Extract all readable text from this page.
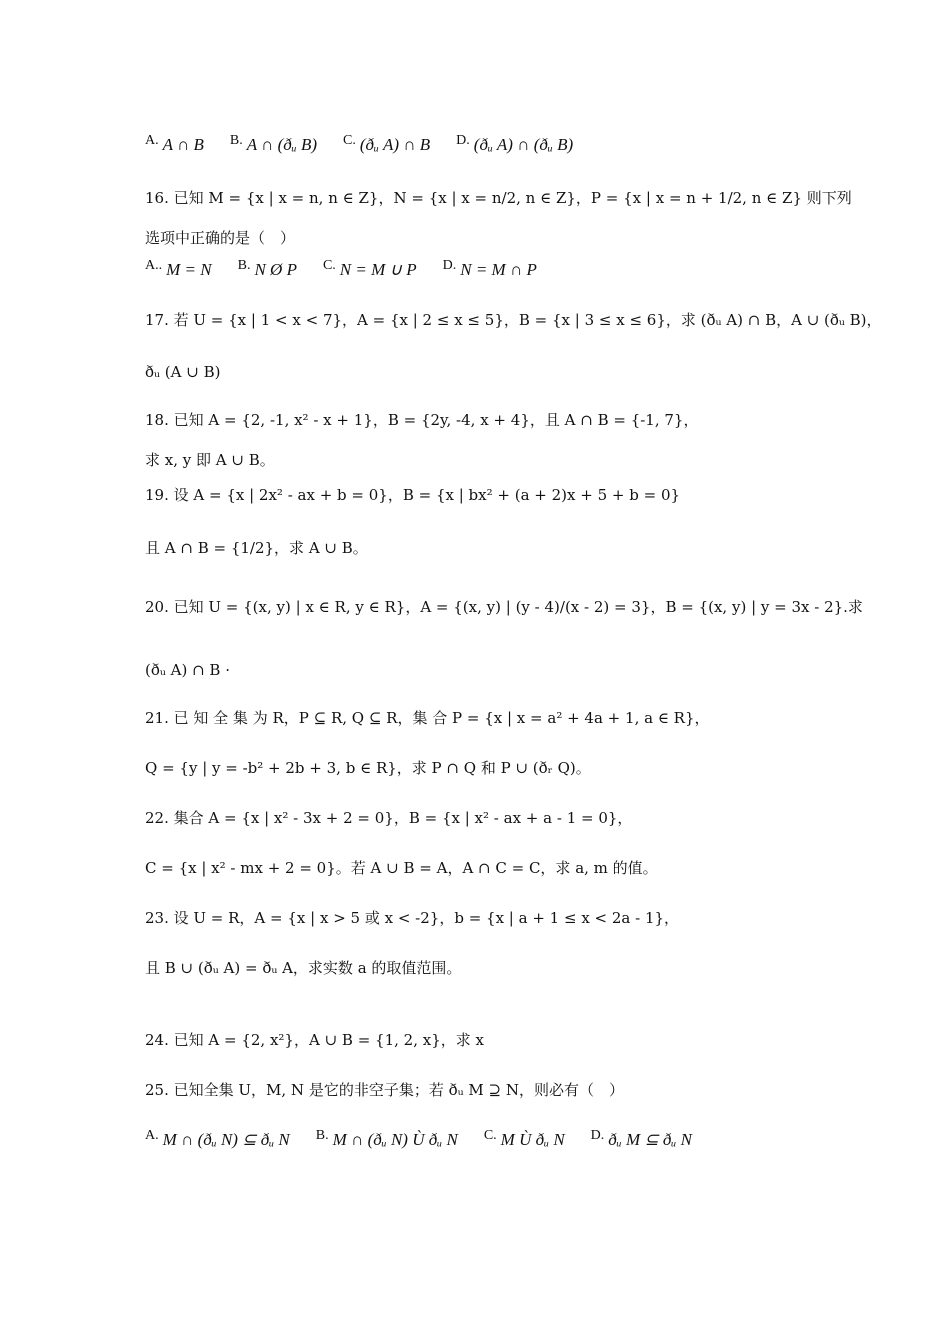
A. A ∩ B B. A ∩ (ðᵤ B) C. (ðᵤ A) ∩ B D. (ðᵤ A) ∩ (ðᵤ B)
16. 已知 M = {x | x = n, n ∈ Z}，N = {x | x = n/2, n ∈ Z}，P = {x | x = n + 1/2, n ∈ Z} 则下列
选项中正确的是（　）
A.. M = N B. N Ø P C. N = M ∪ P D. N = M ∩ P
17. 若 U = {x | 1 < x < 7}，A = {x | 2 ≤ x ≤ 5}，B = {x | 3 ≤ x ≤ 6}，求 (ðᵤ A) ∩ B，A ∪ (ðᵤ B)，
ðᵤ (A ∪ B)
18. 已知 A = {2, -1, x² - x + 1}，B = {2y, -4, x + 4}，且 A ∩ B = {-1, 7}，
求 x, y 即 A ∪ B。
19. 设 A = {x | 2x² - ax + b = 0}，B = {x | bx² + (a + 2)x + 5 + b = 0}
且 A ∩ B = {1/2}，求 A ∪ B。
20. 已知 U = {(x, y) | x ∈ R, y ∈ R}，A = {(x, y) | (y - 4)/(x - 2) = 3}，B = {(x, y) | y = 3x - 2}.求
(ðᵤ A) ∩ B ·
21. 已 知 全 集 为 R，P ⊆ R, Q ⊆ R，集 合 P = {x | x = a² + 4a + 1, a ∈ R}，
Q = {y | y = -b² + 2b + 3, b ∈ R}，求 P ∩ Q 和 P ∪ (ðᵣ Q)。
22. 集合 A = {x | x² - 3x + 2 = 0}，B = {x | x² - ax + a - 1 = 0}，
C = {x | x² - mx + 2 = 0}。若 A ∪ B = A，A ∩ C = C，求 a, m 的值。
23. 设 U = R，A = {x | x > 5 或 x < -2}，b = {x | a + 1 ≤ x < 2a - 1}，
且 B ∪ (ðᵤ A) = ðᵤ A，求实数 a 的取值范围。
24. 已知 A = {2, x²}，A ∪ B = {1, 2, x}，求 x
25. 已知全集 U，M, N 是它的非空子集；若 ðᵤ M ⊇ N，则必有（　）
A. M ∩ (ðᵤ N) ⊆ ðᵤ N B. M ∩ (ðᵤ N) Ù ðᵤ N C. M Ù ðᵤ N D. ðᵤ M ⊆ ðᵤ N
